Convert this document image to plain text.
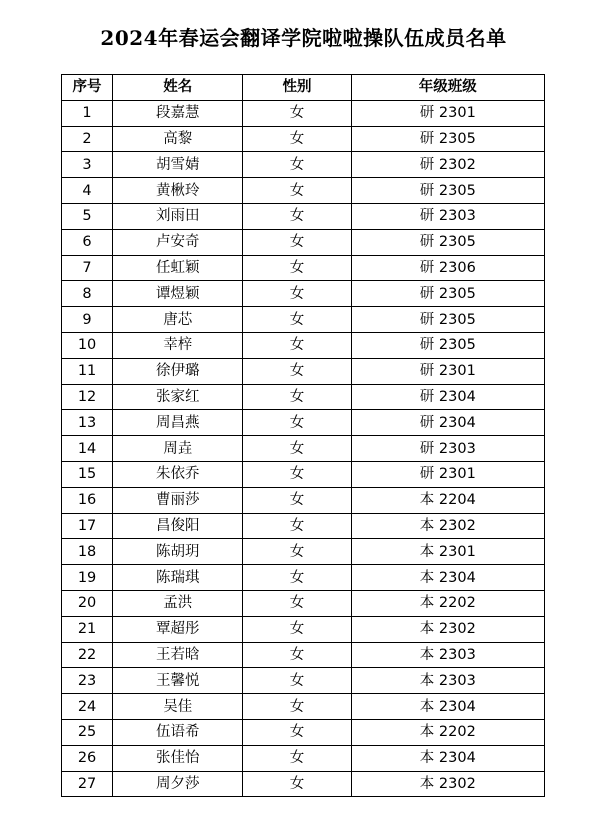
2024年春运会翻译学院啦啦操队伍成员名单
序号	姓名	性别	年级班级
1	段嘉慧	女	研 2301
2	高黎	女	研 2305
3	胡雪婧	女	研 2302
4	黄楸玲	女	研 2305
5	刘雨田	女	研 2303
6	卢安奇	女	研 2305
7	任虹颖	女	研 2306
8	谭煜颖	女	研 2305
9	唐芯	女	研 2305
10	幸梓	女	研 2305
11	徐伊璐	女	研 2301
12	张家红	女	研 2304
13	周昌燕	女	研 2304
14	周垚	女	研 2303
15	朱依乔	女	研 2301
16	曹丽莎	女	本 2204
17	昌俊阳	女	本 2302
18	陈胡玥	女	本 2301
19	陈瑞琪	女	本 2304
20	孟洪	女	本 2202
21	覃超彤	女	本 2302
22	王若晗	女	本 2303
23	王馨悦	女	本 2303
24	吴佳	女	本 2304
25	伍语希	女	本 2202
26	张佳怡	女	本 2304
27	周夕莎	女	本 2302
